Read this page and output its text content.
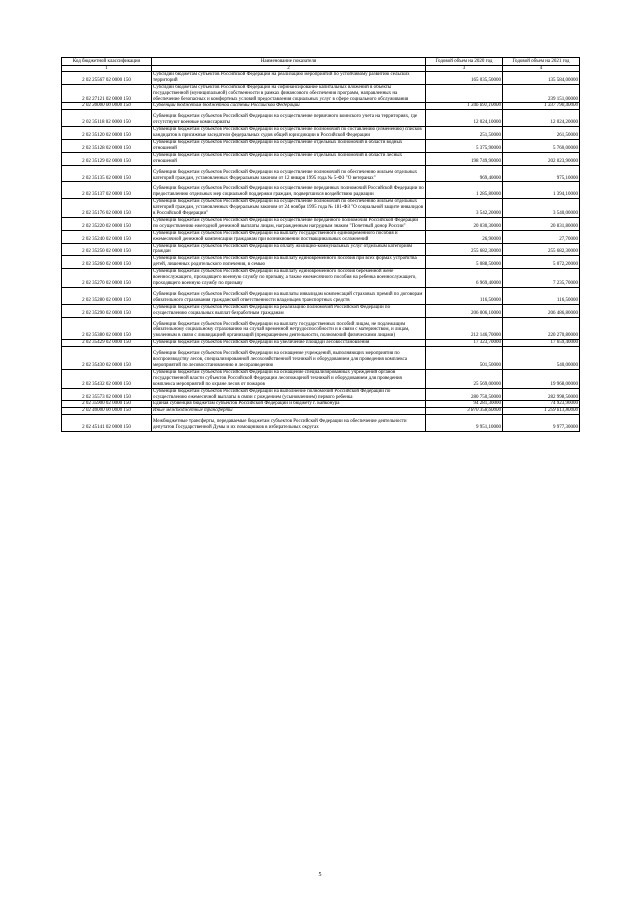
Код бюджетной классификации	Наименование показателя	Годовой объем на 2020 год	Годовой объем на 2021 год
1	2	3	4
2 02 25567 02 0000 150	Субсидии бюджетам субъектов Российской Федерации на реализацию мероприятий по устойчивому развитию сельских территорий	165 035,50000	135 584,00000
2 02 27121 02 0000 150	Субсидии бюджетам субъектов Российской Федерации на софинансирование капитальных вложений в объекты государственной (муниципальной) собственности в рамках финансового обеспечения программ, направленных на обеспечение безопасных и комфортных условий предоставления социальных услуг в сфере социального обслуживания		239 151,00000
2 02 30000 00 0000 150	Субвенции бюджетам бюджетной системы Российской Федерации	1 346 691,10000	1 337 790,40000
2 02 35118 02 0000 150	Субвенции бюджетам субъектов Российской Федерации на осуществление первичного воинского учета на территориях, где отсутствуют военные комиссариаты	12 024,10000	12 024,20000
2 02 35120 02 0000 150	Субвенции бюджетам субъектов Российской Федерации на осуществление полномочий по составлению (изменению) списков кандидатов в присяжные заседатели федеральных судов общей юрисдикции в Российской Федерации	251,50000	261,50000
2 02 35128 02 0000 150	Субвенции бюджетам субъектов Российской Федерации на осуществление отдельных полномочий в области водных отношений	5 375,90000	5 760,00000
2 02 35129 02 0000 150	Субвенции бюджетам субъектов Российской Федерации на осуществление отдельных полномочий в области лесных отношений	198 749,90000	202 023,90000
2 02 35135 02 0000 150	Субвенции бюджетам субъектов Российской Федерации на осуществление полномочий по обеспечению жильем отдельных категорий граждан, установленных Федеральным законом от 12 января 1995 года № 5-ФЗ "О ветеранах"	969,40000	975,10000
2 02 35137 02 0000 150	Субвенции бюджетам субъектов Российской Федерации на осуществление переданных полномочий Российской Федерации по предоставлению отдельных мер социальной поддержки граждан, подвергшихся воздействию радиации	1 285,80000	1 394,10000
2 02 35176 02 0000 150	Субвенции бюджетам субъектов Российской Федерации на осуществление полномочий по обеспечению жильем отдельных категорий граждан, установленных Федеральным законом от 24 ноября 1995 года № 181-ФЗ "О социальной защите инвалидов в Российской Федерации"	3 542,20000	3 540,00000
2 02 35220 02 0000 150	Субвенции бюджетам субъектов Российской Федерации на осуществление переданного полномочия Российской Федерации по осуществлению ежегодной денежной выплаты лицам, награжденным нагрудным знаком "Почетный донор России"	20 030,30000	20 831,80000
2 02 35240 02 0000 150	Субвенции бюджетам субъектов Российской Федерации на выплату государственного единовременного пособия и ежемесячной денежной компенсации гражданам при возникновении поствакцинальных осложнений	26,90000	27,70000
2 02 35250 02 0000 150	Субвенции бюджетам субъектов Российской Федерации на оплату жилищно-коммунальных услуг отдельным категориям граждан	255 682,30000	255 682,30000
2 02 35260 02 0000 150	Субвенции бюджетам субъектов Российской Федерации на выплату единовременного пособия при всех формах устройства детей, лишенных родительского попечения, в семью	5 088,50000	5 072,20000
2 02 35270 02 0000 150	Субвенции бюджетам субъектов Российской Федерации на выплату единовременного пособия беременной жене военнослужащего, проходящего военную службу по призыву, а также ежемесячного пособия на ребенка военнослужащего, проходящего военную службу по призыву	6 969,40000	7 235,70000
2 02 35280 02 0000 150	Субвенции бюджетам субъектов Российской Федерации на выплаты инвалидам компенсаций страховых премий по договорам обязательного страхования гражданской ответственности владельцев транспортных средств	116,50000	116,50000
2 02 35290 02 0000 150	Субвенции бюджетам субъектов Российской Федерации на реализацию полномочий Российской Федерации по осуществлению социальных выплат безработным гражданам	206 006,10000	206 486,80000
2 02 35380 02 0000 150	Субвенции бюджетам субъектов Российской Федерации на выплату государственных пособий лицам, не подлежащим обязательному социальному страхованию на случай временной нетрудоспособности и в связи с материнством, и лицам, уволенным в связи с ликвидацией организаций (прекращением деятельности, полномочий физическими лицами)	212 146,70000	220 270,80000
2 02 35429 02 0000 150	Субвенции бюджетам субъектов Российской Федерации на увеличение площади лесовосстановления	17 323,70000	17 659,40000
2 02 35430 02 0000 150	Субвенции бюджетам субъектов Российской Федерации на оснащение учреждений, выполняющих мероприятия по воспроизводству лесов, специализированной лесохозяйственной техникой и оборудованием для проведения комплекса мероприятий по лесовосстановлению и лесоразведению	501,50000	540,00000
2 02 35432 02 0000 150	Субвенции бюджетам субъектов Российской Федерации на оснащение специализированных учреждений органов государственной власти субъектов Российской Федерации лесопожарной техникой и оборудованием для проведения комплекса мероприятий по охране лесов от пожаров	25 569,00000	19 968,00000
2 02 35573 02 0000 150	Субвенции бюджетам субъектов Российской Федерации на выполнение полномочий Российской Федерации по осуществлению ежемесячной выплаты в связи с рождением (усыновлением) первого ребенка	280 750,50000	282 998,50000
2 02 35900 02 0000 150	Единая субвенция бюджетам субъектов Российской Федерации и бюджету г. Байконура	94 281,30000	74 923,90000
2 02 40000 00 0000 150	Иные межбюджетные трансферты	3 870 358,60000	1 259 613,80000
2 02 45141 02 0000 150	Межбюджетные трансферты, передаваемые бюджетам субъектов Российской Федерации на обеспечение деятельности депутатов Государственной Думы и их помощников в избирательных округах	9 951,10000	9 977,30000
5
